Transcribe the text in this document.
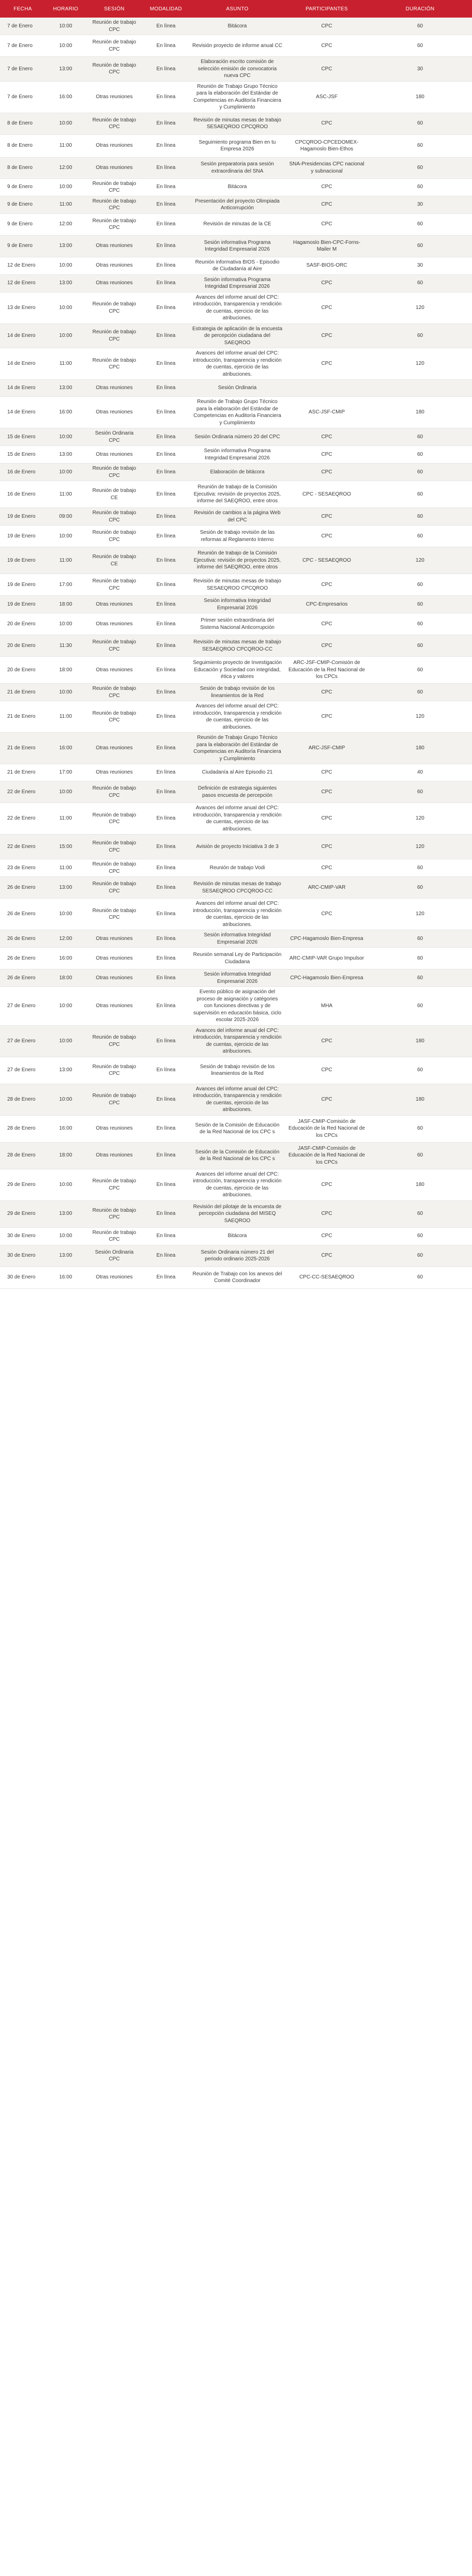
FECHA	HORARIO	SESIÓN	MODALIDAD	ASUNTO	PARTICIPANTES	DURACIÓN
7 de Enero	10:00	Reunión de trabajo CPC	En línea	Bitácora	CPC	60
7 de Enero	10:00	Reunión de trabajo CPC	En línea	Revisión proyecto de informe anual CC	CPC	60
7 de Enero	13:00	Reunión de trabajo CPC	En línea	Elaboración escrito comisión de selección emisión de convocatoria nueva CPC	CPC	30
7 de Enero	16:00	Otras reuniones	En línea	Reunión de Trabajo Grupo Técnico para la elaboración del Estándar de Competencias en Auditoría Financiera y Cumplimiento	ASC-JSF	180
8 de Enero	10:00	Reunión de trabajo CPC	En línea	Revisión de minutas mesas de trabajo SESAEQROO CPCQROO	CPC	60
8 de Enero	11:00	Otras reuniones	En línea	Seguimiento programa Bien en tu Empresa 2026	CPCQROO-CPCEDOMEX-Hagamoslo Bien-Ethos	60
8 de Enero	12:00	Otras reuniones	En línea	Sesión preparatoria para sesión extraordinaria del SNA	SNA-Presidencias CPC nacional y subnacional	60
9 de Enero	10:00	Reunión de trabajo CPC	En línea	Bitácora	CPC	60
9 de Enero	11:00	Reunión de trabajo CPC	En línea	Presentación del proyecto Olimpiada Anticorrupción	CPC	30
9 de Enero	12:00	Reunión de trabajo CPC	En línea	Revisión de minutas de la CE	CPC	60
9 de Enero	13:00	Otras reuniones	En línea	Sesión informativa Programa Integridad Empresarial 2026	Hagamoslo Bien-CPC-Forns-Mailer M	60
12 de Enero	10:00	Otras reuniones	En línea	Reunión informativa BIOS - Episodio de Ciudadanía al Aire	SASF-BIOS-ORC	30
12 de Enero	13:00	Otras reuniones	En línea	Sesión informativa Programa Integridad Empresarial 2026	CPC	60
13 de Enero	10:00	Reunión de trabajo CPC	En línea	Avances del informe anual del CPC: introducción, transparencia y rendición de cuentas, ejercicio de las atribuciones.	CPC	120
14 de Enero	10:00	Reunión de trabajo CPC	En línea	Estrategia de aplicación de la encuesta de percepción ciudadana del SAEQROO	CPC	60
14 de Enero	11:00	Reunión de trabajo CPC	En línea	Avances del informe anual del CPC: introducción, transparencia y rendición de cuentas, ejercicio de las atribuciones.	CPC	120
14 de Enero	13:00	Otras reuniones	En línea	Sesión Ordinaria		
14 de Enero	16:00	Otras reuniones	En línea	Reunión de Trabajo Grupo Técnico para la elaboración del Estándar de Competencias en Auditoría Financiera y Cumplimiento	ASC-JSF-CMIP	180
15 de Enero	10:00	Sesión Ordinaria CPC	En línea	Sesión Ordinaria número 20 del CPC	CPC	60
15 de Enero	13:00	Otras reuniones	En línea	Sesión informativa Programa Integridad Empresarial 2026	CPC	60
16 de Enero	10:00	Reunión de trabajo CPC	En línea	Elaboración de bitácora	CPC	60
16 de Enero	11:00	Reunión de trabajo CE	En línea	Reunión de trabajo de la Comisión Ejecutiva: revisión de proyectos 2025, informe del SAEQROO, entre otros	CPC - SESAEQROO	60
19 de Enero	09:00	Reunión de trabajo CPC	En línea	Revisión de cambios a la página Web del CPC	CPC	60
19 de Enero	10:00	Reunión de trabajo CPC	En línea	Sesión de trabajo revisión de las reformas al Reglamento Interno	CPC	60
19 de Enero	11:00	Reunión de trabajo CE	En línea	Reunión de trabajo de la Comisión Ejecutiva: revisión de proyectos 2025, informe del SAEQROO, entre otros	CPC - SESAEQROO	120
19 de Enero	17:00	Reunión de trabajo CPC	En línea	Revisión de minutas mesas de trabajo SESAEQROO CPCQROO	CPC	60
19 de Enero	18:00	Otras reuniones	En línea	Sesión informativa Integridad Empresarial 2026	CPC-Empresarios	60
20 de Enero	10:00	Otras reuniones	En línea	Primer sesión extraordinaria del Sistema Nacional Anticorrupción	CPC	60
20 de Enero	11:30	Reunión de trabajo CPC	En línea	Revisión de minutas mesas de trabajo SESAEQROO CPCQROO-CC	CPC	60
20 de Enero	18:00	Otras reuniones	En línea	Seguimiento proyecto de Investigación Educación y Sociedad con integridad, ética y valores	ARC-JSF-CMIP-Comisión de Educación de la Red Nacional de los CPCs	60
21 de Enero	10:00	Reunión de trabajo CPC	En línea	Sesión de trabajo revisión de los lineamientos de la Red	CPC	60
21 de Enero	11:00	Reunión de trabajo CPC	En línea	Avances del informe anual del CPC: introducción, transparencia y rendición de cuentas, ejercicio de las atribuciones.	CPC	120
21 de Enero	16:00	Otras reuniones	En línea	Reunión de Trabajo Grupo Técnico para la elaboración del Estándar de Competencias en Auditoría Financiera y Cumplimiento	ARC-JSF-CMIP	180
21 de Enero	17:00	Otras reuniones	En línea	Ciudadanía al Aire Episodio 21	CPC	40
22 de Enero	10:00	Reunión de trabajo CPC	En línea	Definición de estrategia siguientes pasos encuesta de percepción	CPC	60
22 de Enero	11:00	Reunión de trabajo CPC	En línea	Avances del informe anual del CPC: introducción, transparencia y rendición de cuentas, ejercicio de las atribuciones.	CPC	120
22 de Enero	15:00	Reunión de trabajo CPC	En línea	Avisión de proyecto Iniciativa 3 de 3	CPC	120
23 de Enero	11:00	Reunión de trabajo CPC	En línea	Reunión de trabajo Vodi	CPC	60
26 de Enero	13:00	Reunión de trabajo CPC	En línea	Revisión de minutas mesas de trabajo SESAEQROO CPCQROO-CC	ARC-CMIP-VAR	60
26 de Enero	10:00	Reunión de trabajo CPC	En línea	Avances del informe anual del CPC: introducción, transparencia y rendición de cuentas, ejercicio de las atribuciones.	CPC	120
26 de Enero	12:00	Otras reuniones	En línea	Sesión informativa Integridad Empresarial 2026	CPC-Hagamoslo Bien-Empresa	60
26 de Enero	16:00	Otras reuniones	En línea	Reunión semanal Ley de Participación Ciudadana	ARC-CMIP-VAR Grupo Impulsor	60
26 de Enero	18:00	Otras reuniones	En línea	Sesión informativa Integridad Empresarial 2026	CPC-Hagamoslo Bien-Empresa	60
27 de Enero	10:00	Otras reuniones	En línea	Evento público de asignación del proceso de asignación y catégories con funciones directivas y de supervisión en educación básica, ciclo escolar 2025-2026	MHA	60
27 de Enero	10:00	Reunión de trabajo CPC	En línea	Avances del informe anual del CPC: introducción, transparencia y rendición de cuentas, ejercicio de las atribuciones.	CPC	180
27 de Enero	13:00	Reunión de trabajo CPC	En línea	Sesión de trabajo revisión de los lineamientos de la Red	CPC	60
28 de Enero	10:00	Reunión de trabajo CPC	En línea	Avances del informe anual del CPC: introducción, transparencia y rendición de cuentas, ejercicio de las atribuciones.	CPC	180
28 de Enero	16:00	Otras reuniones	En línea	Sesión de la Comisión de Educación de la Red Nacional de los CPC s	JASF-CMIP-Comisión de Educación de la Red Nacional de los CPCs	60
28 de Enero	18:00	Otras reuniones	En línea	Sesión de la Comisión de Educación de la Red Nacional de los CPC s	JASF-CMIP-Comisión de Educación de la Red Nacional de los CPCs	60
29 de Enero	10:00	Reunión de trabajo CPC	En línea	Avances del informe anual del CPC: introducción, transparencia y rendición de cuentas, ejercicio de las atribuciones.	CPC	180
29 de Enero	13:00	Reunión de trabajo CPC	En línea	Revisión del pilotaje de la encuesta de percepción ciudadana del MISEQ SAEQROO	CPC	60
30 de Enero	10:00	Reunión de trabajo CPC	En línea	Bitácora	CPC	60
30 de Enero	13:00	Sesión Ordinaria CPC	En línea	Sesión Ordinaria número 21 del periodo ordinario 2025-2026	CPC	60
30 de Enero	16:00	Otras reuniones	En línea	Reunión de Trabajo con los anexos del Comité Coordinador	CPC-CC-SESAEQROO	60
